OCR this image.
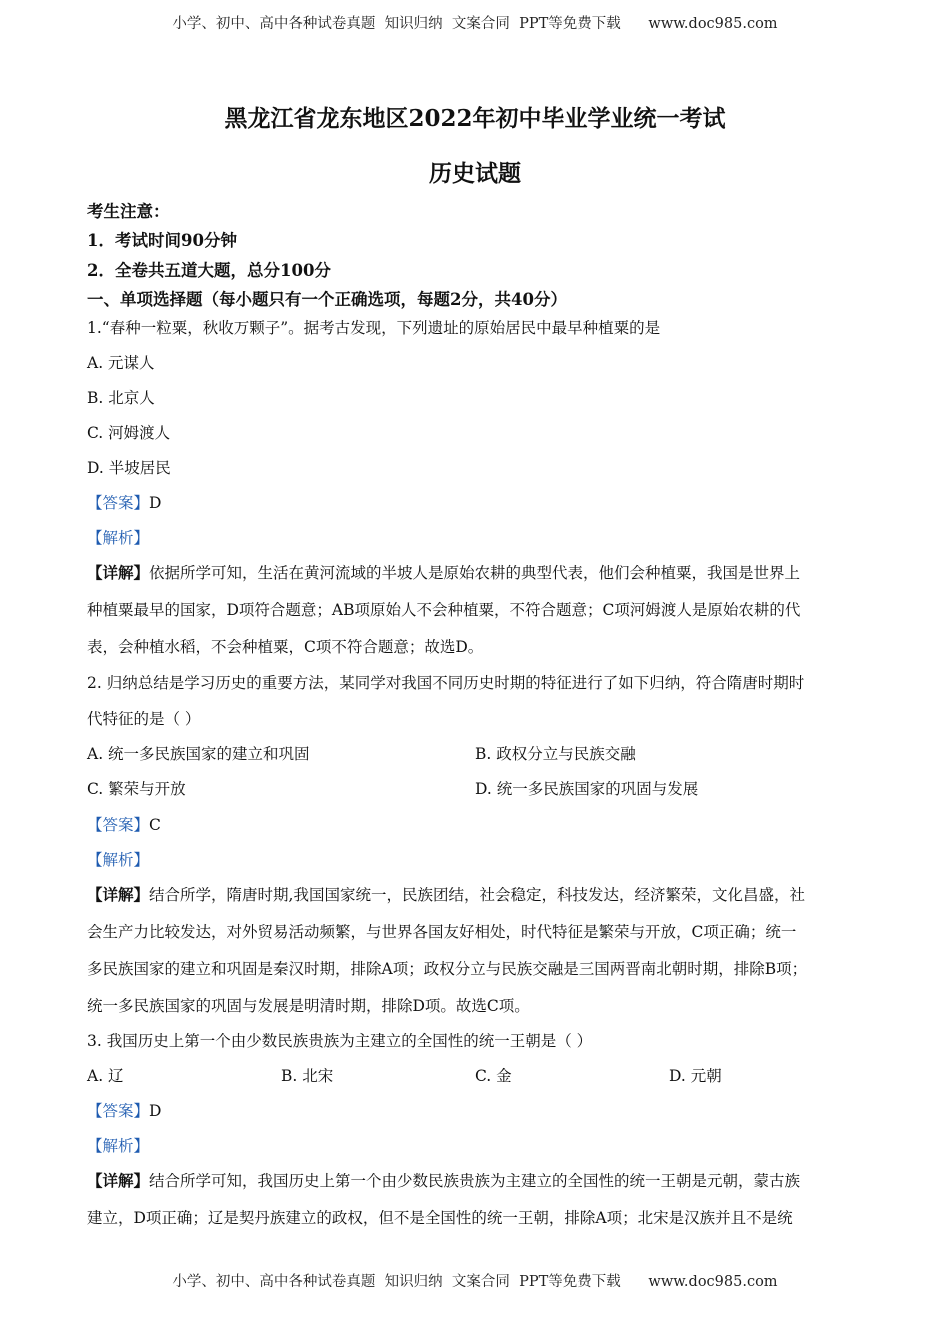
小学、初中、高中各种试卷真题  知识归纳  文案合同  PPT等免费下载      www.doc985.com
黑龙江省龙东地区2022年初中毕业学业统一考试
历史试题
考生注意：
1．考试时间90分钟
2．全卷共五道大题，总分100分
一、单项选择题（每小题只有一个正确选项，每题2分，共40分）
1.“春种一粒粟，秋收万颗子”。据考古发现，下列遗址的原始居民中最早种植粟的是
A. 元谋人
B. 北京人
C. 河姆渡人
D. 半坡居民
【答案】D
【解析】
【详解】依据所学可知，生活在黄河流域的半坡人是原始农耕的典型代表，他们会种植粟，我国是世界上
种植粟最早的国家，D项符合题意；AB项原始人不会种植粟，不符合题意；C项河姆渡人是原始农耕的代
表，会种植水稻，不会种植粟，C项不符合题意；故选D。
2. 归纳总结是学习历史的重要方法，某同学对我国不同历史时期的特征进行了如下归纳，符合隋唐时期时
代特征的是（ ）
A. 统一多民族国家的建立和巩固	B. 政权分立与民族交融
C. 繁荣与开放	D. 统一多民族国家的巩固与发展
【答案】C
【解析】
【详解】结合所学，隋唐时期,我国国家统一，民族团结，社会稳定，科技发达，经济繁荣，文化昌盛，社
会生产力比较发达，对外贸易活动频繁，与世界各国友好相处，时代特征是繁荣与开放，C项正确；统一
多民族国家的建立和巩固是秦汉时期，排除A项；政权分立与民族交融是三国两晋南北朝时期，排除B项；
统一多民族国家的巩固与发展是明清时期，排除D项。故选C项。
3. 我国历史上第一个由少数民族贵族为主建立的全国性的统一王朝是（ ）
A. 辽	B. 北宋	C. 金	D. 元朝
【答案】D
【解析】
【详解】结合所学可知，我国历史上第一个由少数民族贵族为主建立的全国性的统一王朝是元朝，蒙古族
建立，D项正确；辽是契丹族建立的政权，但不是全国性的统一王朝，排除A项；北宋是汉族并且不是统
小学、初中、高中各种试卷真题  知识归纳  文案合同  PPT等免费下载      www.doc985.com
